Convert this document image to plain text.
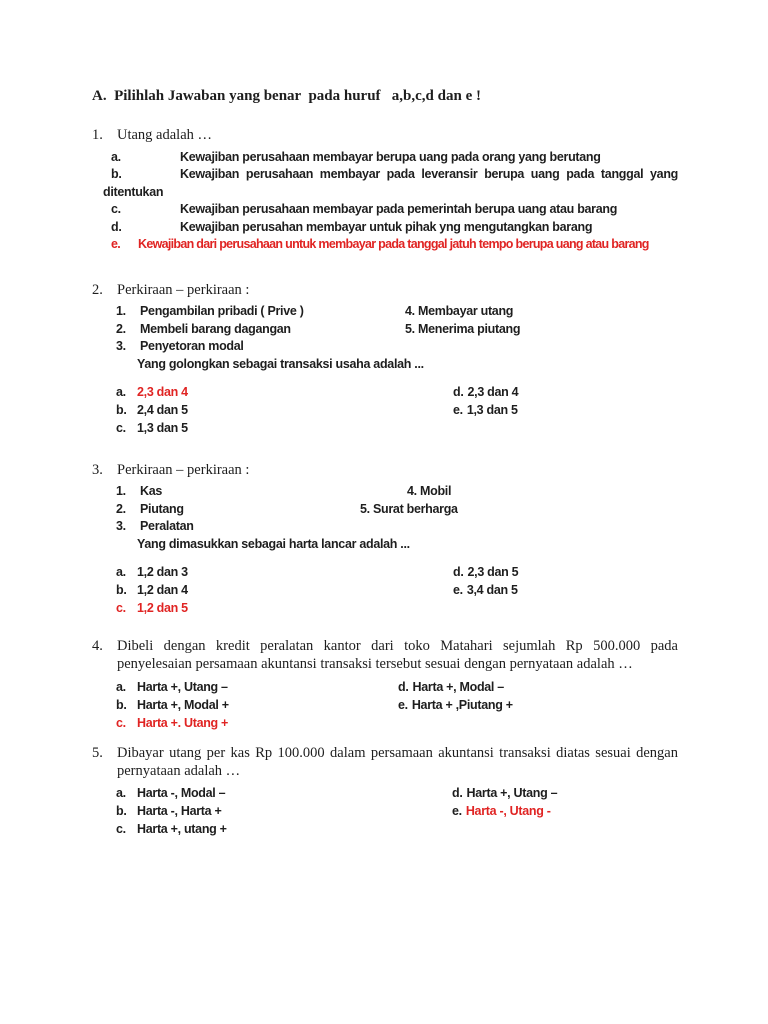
A.  Pilihlah Jawaban yang benar  pada huruf   a,b,c,d dan e !
1. Utang adalah …
a.	Kewajiban perusahaan membayar berupa uang pada orang yang berutang
b.	Kewajiban perusahaan membayar pada leveransir berupa uang pada tanggal yang ditentukan
c.	Kewajiban perusahaan membayar pada pemerintah berupa uang atau barang
d.	Kewajiban perusahan membayar untuk pihak yng mengutangkan barang
e. Kewajiban dari perusahaan untuk membayar pada tanggal jatuh tempo berupa uang atau barang
2. Perkiraan – perkiraan :
1. Pengambilan pribadi ( Prive )	4. Membayar utang
2. Membeli barang dagangan	5. Menerima piutang
3. Penyetoran modal
Yang golongkan sebagai transaksi usaha adalah ...
a. 2,3 dan 4	d. 2,3 dan 4
b. 2,4 dan 5	e. 1,3 dan 5
c. 1,3 dan 5
3. Perkiraan – perkiraan :
1. Kas	4. Mobil
2. Piutang	5. Surat berharga
3. Peralatan
Yang dimasukkan sebagai harta lancar adalah ...
a. 1,2 dan 3	d. 2,3 dan 5
b. 1,2 dan 4	e. 3,4 dan 5
c. 1,2 dan 5
4. Dibeli dengan kredit peralatan kantor dari toko Matahari sejumlah Rp 500.000 pada penyelesaian persamaan akuntansi transaksi tersebut sesuai dengan pernyataan adalah …
a. Harta +, Utang –	d. Harta +, Modal –
b. Harta +, Modal +	e. Harta + ,Piutang +
c. Harta +. Utang +
5. Dibayar utang per kas Rp 100.000 dalam persamaan akuntansi transaksi diatas sesuai dengan pernyataan adalah …
a. Harta -, Modal –	d. Harta +, Utang –
b. Harta -, Harta +	e. Harta -, Utang -
c. Harta +, utang +
